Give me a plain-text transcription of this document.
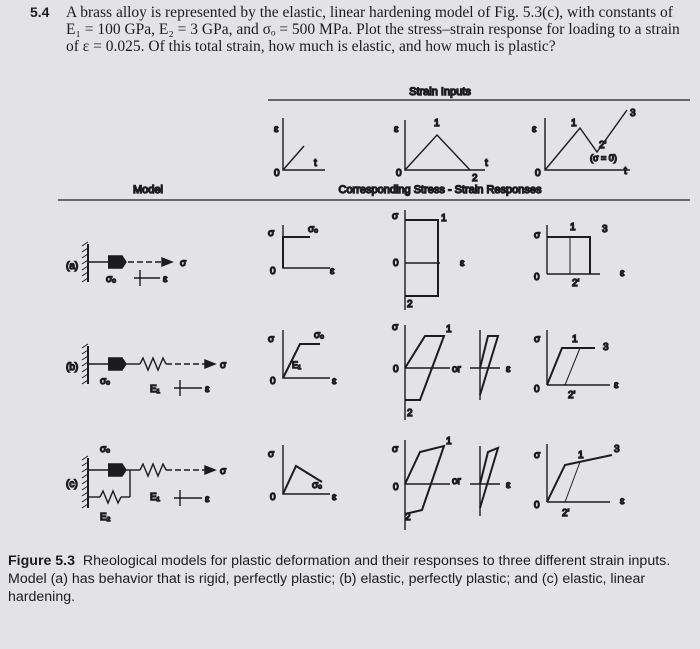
5.4 A brass alloy is represented by the elastic, linear hardening model of Fig. 5.3(c), with constants of E₁ = 100 GPa, E₂ = 3 GPa, and σₒ = 500 MPa. Plot the stress–strain response for loading to a strain of ε = 0.025. Of this total strain, how much is elastic, and how much is plastic?
Strain Inputs
Model	Corresponding Stress - Strain Responses
ε
0
t
ε
0
1
2
t
ε
0
1
2'
3
(σ = 0)
t
(a)	σ
σₒ	ε
σ	σₒ
0	ε
σ	1
0	ε
2
σ
1	3
0
2'
ε
(b)	σ
σₒ
E₁	ε
σ	σₒ
E₁
0	ε
σ	1
0	or
2
ε
σ	1
3
0
2'
ε
(c)
σ
σₒ
E₂
E₁	ε
σ
σₒ
0	ε
σ
1
0
or
2
ε
σ	1
3
0
2'
ε
Figure 5.3 Rheological models for plastic deformation and their responses to three different strain inputs. Model (a) has behavior that is rigid, perfectly plastic; (b) elastic, perfectly plastic; and (c) elastic, linear hardening.
